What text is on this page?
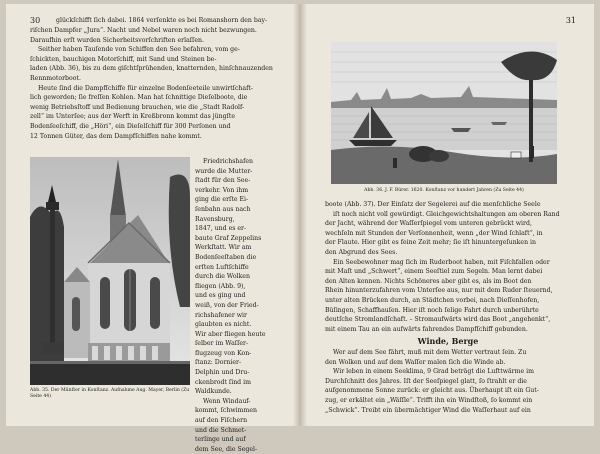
30	glückſchifft ſich dabei. 1864 verſenkte es bei Romanshorn den bay-

riſchen Dampfer „Jura“. Nacht und Nebel waren noch nicht bezwungen.

Daraufhin erſt wurden Sicherheitsvorſchriften erlaſſen.

Seither haben Tauſende von Schiffen den See befahren, vom ge-

ſchickten, bauchigen Motorſchiff, mit Sand und Steinen be-

laden (Abb. 36), bis zu dem giſchtſprühenden, knatternden, hinſchnauzenden

Rennmotorboot.

Heute ſind die Dampfſchiffe für einzelne Bodenſeeteile unwirtſchaft-

lich geworden; ſie freſſen Kohlen. Man hat ſchnittige Dieſelboote, die

wenig Betriebsſtoff und Bedienung brauchen, wie die „Stadt Radolf-

zell“ im Unterſee; aus der Werft in Kreßbronn kommt das jüngſte

Bodenſeeſchiff, die „Höri“, ein Dieſelſchiff für 300 Perſonen und

12 Tonnen Güter, das dem Dampfſchiffen nahe kommt.

Abb. 35. Der Münſter in Konſtanz. Aufnahme Aug. Mayer, Berlin (Zu Seite 44)

Friedrichshafen

wurde die Mutter-

ſtadt für den See-

verkehr. Von ihm

ging die erſte Ei-

ſenbahn aus nach

Ravensburg,

1847, und es er-

baute Graf Zeppelins

Werkſtatt. Wir am

Bodenſeeſtaben die

erſten Luftſchiffe

durch die Wolken

fliegen (Abb. 9),

und es ging und

weiß, von der Fried-

richshafener wir

glaubten es nicht.

Wir aber fliegen heute

ſelber im Waſſer-

flugzeug von Kon-

ſtanz: Dornier-

Delphin und Dru-

ckenbrodt ſind im

Waldkunde.

Wenn Windauf-

kommt, ſchwimmen

auf den Fiſchern

und die Schmet-

terlinge und auf

dem See, die Segel-

31
Abb. 36. J. F. Bürer. 1620. Konſtanz vor hundert Jahren (Zu Seite 44)

boote (Abb. 37). Der Einſatz der Segelerei auf die menſchliche Seele

iſt noch nicht voll gewürdigt. Gleichgewichtshaltungen am oberen Rand

der Jacht, während der Waſſerſpiegel vom unteren gebrückt wird,

wechſeln mit Stunden der Verſonnenheit, wenn „der Wind ſchlaft“, in

der Flaute. Hier gibt es feine Zeit mehr; ſie iſt hinuntergeſunken in

den Abgrund des Sees.

Ein Seebewohner mag ſich im Ruderboot haben, mit Fiſchfallen oder

mit Maſt und „Schwert“, einem Seeſtiel zum Segeln. Man lernt dabei

den Alten kennen. Nichts Schöneres aber gibt es, als im Boot den

Rhein hinunterzufahren vom Unterſee aus, nur mit dem Ruder ſteuernd,

unter alten Brücken durch, an Städtchen vorbei, nach Dieſſenhofen,

Büſingen, Schaffhauſen. Hier iſt noch ſelige Fahrt durch unberührte

deutſche Stromlandſchaft. – Stromaufwärts wird das Boot „angehenkt“,

mit einem Tau an ein aufwärts fahrendes Dampfſchiff gebunden.

Winde, Berge

Wer auf dem See fährt, muß mit dem Wetter vertraut ſein. Zu

den Wolken und auf dem Waſſer malen ſich die Winde ab.

Wir leben in einem Seeklima, 9 Grad beträgt die Lufttwärme im

Durchſchnitt des Jahres. Iſt der Seeſpiegel glatt, ſo ſtrahlt er die

aufgenommene Sonne zurück: er gleicht aus. Überhaupt iſt ein Gut-

zug, er erkältet ein „Wäſſle“. Trifft ihn ein Windſtoß, ſo kommt ein

„Schwick“. Treibt ein übermächtiger Wind die Waſſerhaut auf ein
